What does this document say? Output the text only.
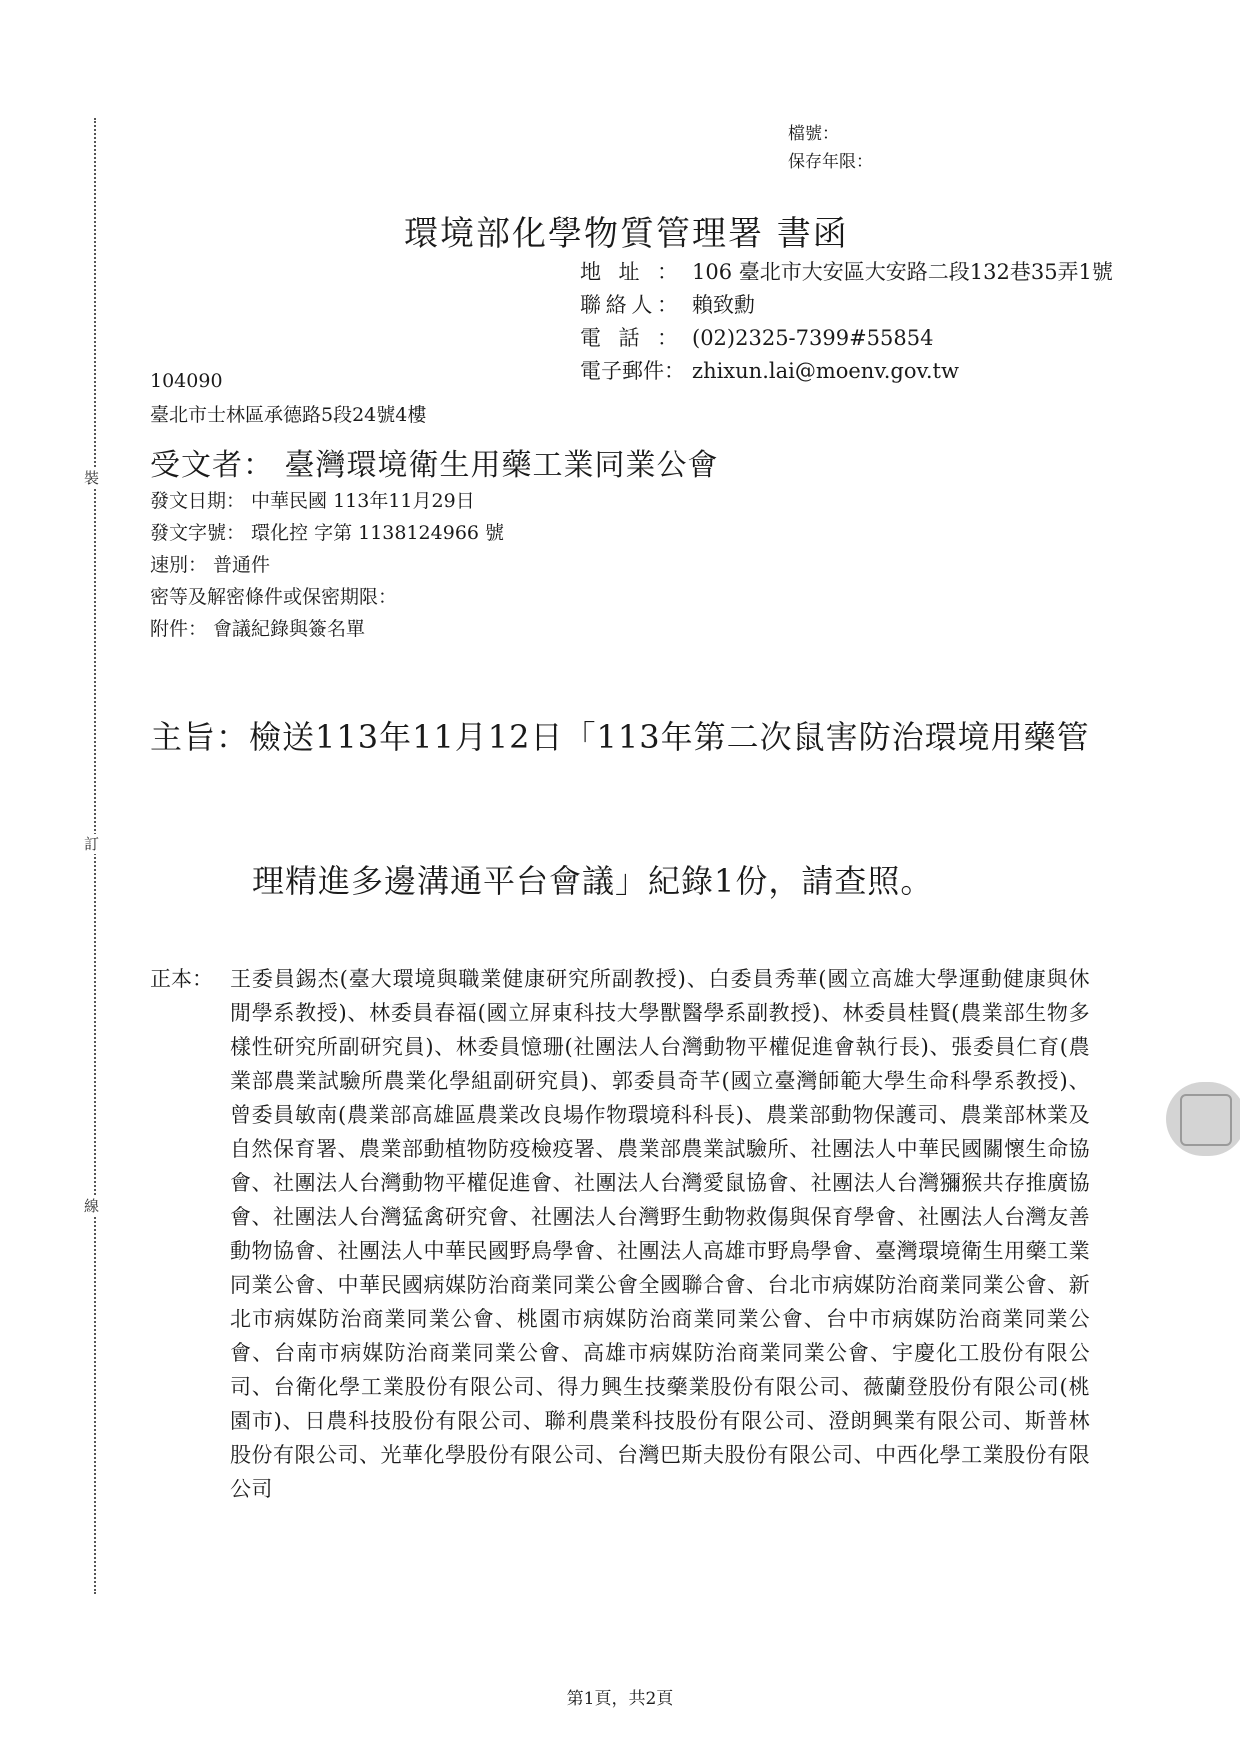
裝
訂
線
檔號：
保存年限：
環境部化學物質管理署 書函
地址： 106 臺北市大安區大安路二段132巷35弄1號
聯絡人： 賴致勳
電話： (02)2325-7399#55854
電子郵件： zhixun.lai@moenv.gov.tw
104090
臺北市士林區承德路5段24號4樓
受文者： 臺灣環境衛生用藥工業同業公會
發文日期： 中華民國 113年11月29日
發文字號： 環化控 字第 1138124966 號
速別： 普通件
密等及解密條件或保密期限：
附件： 會議紀錄與簽名單
主旨：檢送113年11月12日「113年第二次鼠害防治環境用藥管
理精進多邊溝通平台會議」紀錄1份，請查照。
正本： 王委員錫杰(臺大環境與職業健康研究所副教授)、白委員秀華(國立高雄大學運動健康與休閒學系教授)、林委員春福(國立屏東科技大學獸醫學系副教授)、林委員桂賢(農業部生物多樣性研究所副研究員)、林委員憶珊(社團法人台灣動物平權促進會執行長)、張委員仁育(農業部農業試驗所農業化學組副研究員)、郭委員奇芊(國立臺灣師範大學生命科學系教授)、曾委員敏南(農業部高雄區農業改良場作物環境科科長)、農業部動物保護司、農業部林業及自然保育署、農業部動植物防疫檢疫署、農業部農業試驗所、社團法人中華民國關懷生命協會、社團法人台灣動物平權促進會、社團法人台灣愛鼠協會、社團法人台灣獼猴共存推廣協會、社團法人台灣猛禽研究會、社團法人台灣野生動物救傷與保育學會、社團法人台灣友善動物協會、社團法人中華民國野鳥學會、社團法人高雄市野鳥學會、臺灣環境衛生用藥工業同業公會、中華民國病媒防治商業同業公會全國聯合會、台北市病媒防治商業同業公會、新北市病媒防治商業同業公會、桃園市病媒防治商業同業公會、台中市病媒防治商業同業公會、台南市病媒防治商業同業公會、高雄市病媒防治商業同業公會、宇慶化工股份有限公司、台衛化學工業股份有限公司、得力興生技藥業股份有限公司、薇蘭登股份有限公司(桃園市)、日農科技股份有限公司、聯利農業科技股份有限公司、澄朗興業有限公司、斯普林股份有限公司、光華化學股份有限公司、台灣巴斯夫股份有限公司、中西化學工業股份有限公司
第1頁，共2頁
